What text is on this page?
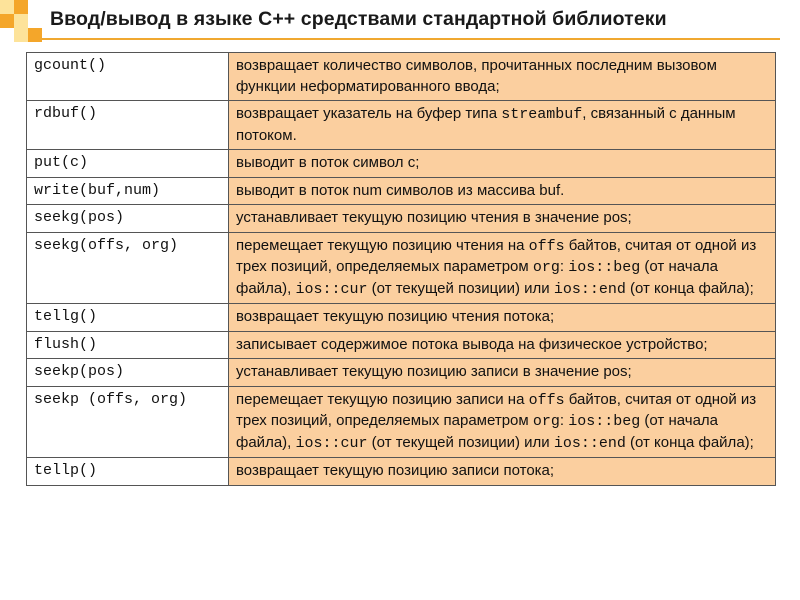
Ввод/вывод в языке C++ средствами стандартной библиотеки
gcount()	возвращает количество символов, прочитанных последним вызовом функции неформатированного ввода;
rdbuf()	возвращает указатель на буфер типа streambuf, связанный с данным потоком.
put(c)	выводит в поток символ с;
write(buf,num)	выводит в поток num символов из массива buf.
seekg(pos)	устанавливает текущую позицию чтения в значение pos;
seekg(offs, org)	перемещает текущую позицию чтения на offs байтов, считая от одной из трех позиций, определяемых параметром org: ios::beg (от начала файла), ios::cur (от текущей позиции) или ios::end (от конца файла);
tellg()	возвращает текущую позицию чтения потока;
flush()	записывает содержимое потока вывода на физическое устройство;
seekp(pos)	устанавливает текущую позицию записи в значение pos;
seekp (offs, org)	перемещает текущую позицию записи на offs байтов, считая от одной из трех позиций, определяемых параметром org: ios::beg (от начала файла), ios::cur (от текущей позиции) или ios::end (от конца файла);
tellp()	возвращает текущую позицию записи потока;
